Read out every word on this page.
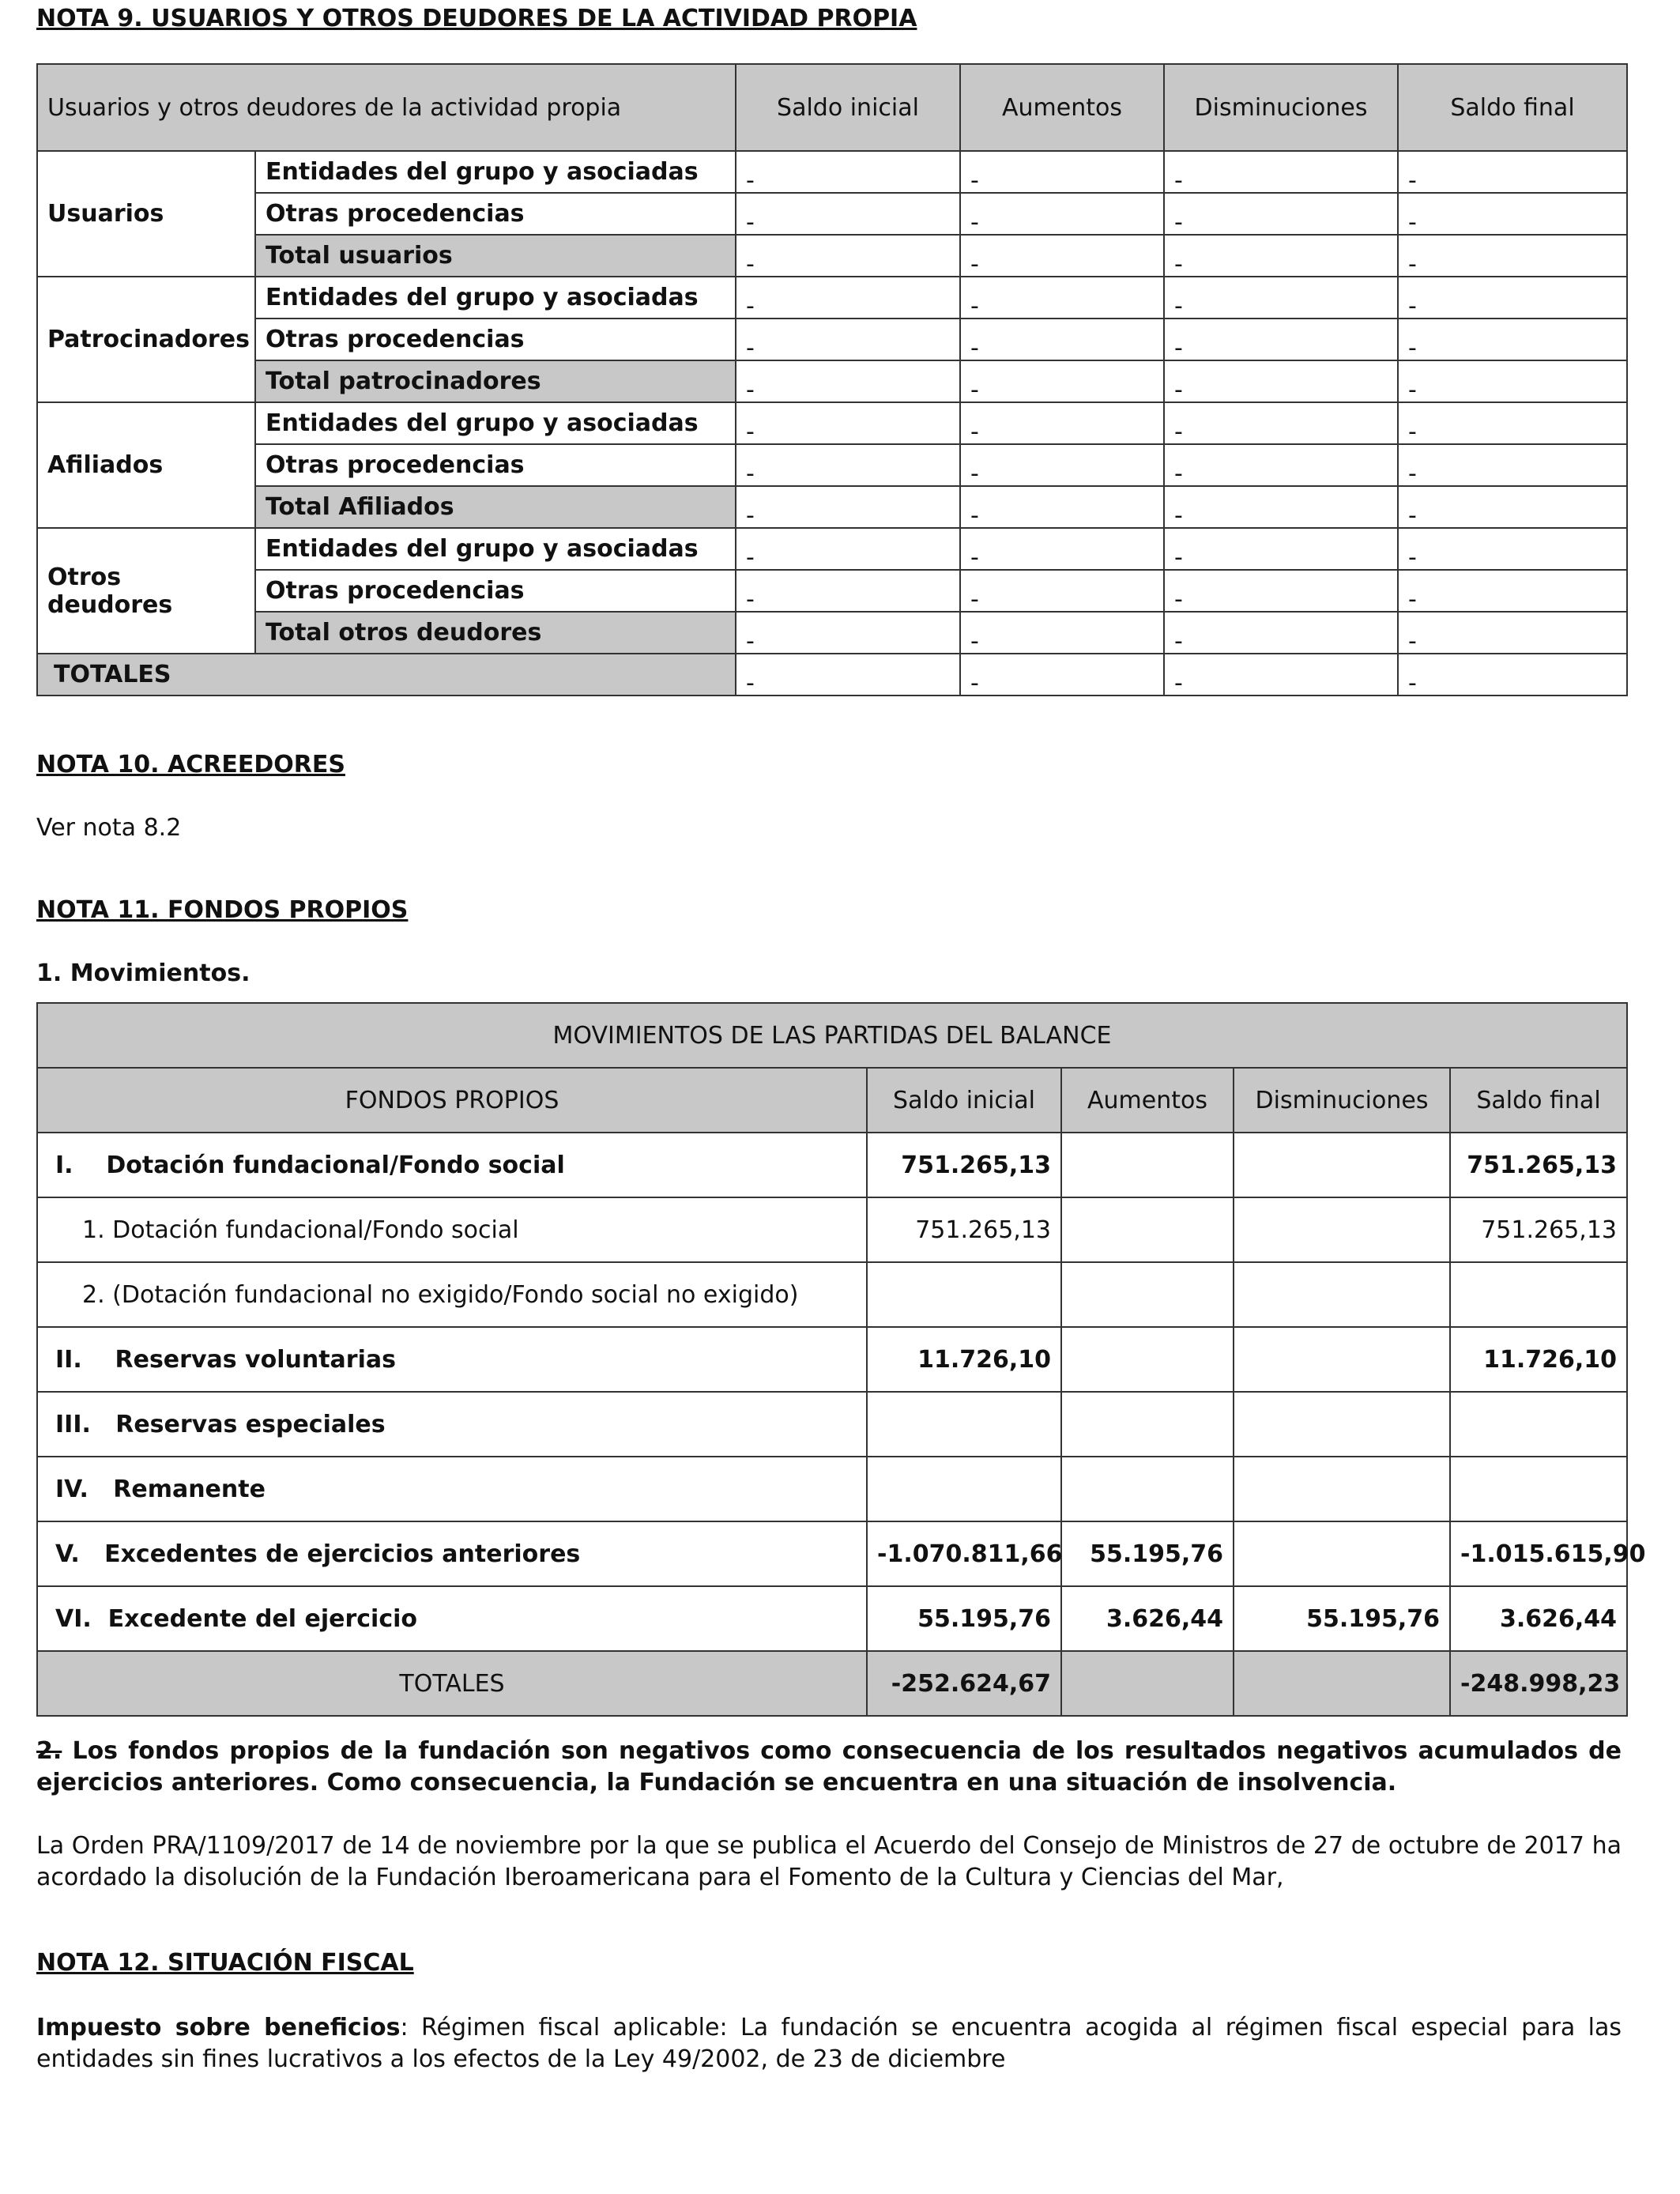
NOTA 9. USUARIOS Y OTROS DEUDORES DE LA ACTIVIDAD PROPIA
Usuarios y otros deudores de la actividad propia		Saldo inicial	Aumentos	Disminuciones	Saldo final
Usuarios	Entidades del grupo y asociadas	-	-	-	-
	Otras procedencias	-	-	-	-
	Total usuarios	-	-	-	-
Patrocinadores	Entidades del grupo y asociadas	-	-	-	-
	Otras procedencias	-	-	-	-
	Total patrocinadores	-	-	-	-
Afiliados	Entidades del grupo y asociadas	-	-	-	-
	Otras procedencias	-	-	-	-
	Total Afiliados	-	-	-	-
Otros deudores	Entidades del grupo y asociadas	-	-	-	-
	Otras procedencias	-	-	-	-
	Total otros deudores	-	-	-	-
TOTALES		-	-	-	-
NOTA 10. ACREEDORES
Ver nota 8.2
NOTA 11. FONDOS PROPIOS
1. Movimientos.
MOVIMIENTOS DE LAS PARTIDAS DEL BALANCE				
FONDOS PROPIOS	Saldo inicial	Aumentos	Disminuciones	Saldo final
I.    Dotación fundacional/Fondo social	751.265,13			751.265,13
1. Dotación fundacional/Fondo social	751.265,13			751.265,13
2. (Dotación fundacional no exigido/Fondo social no exigido)				
II.    Reservas voluntarias	11.726,10			11.726,10
III.   Reservas especiales				
IV.   Remanente				
V.   Excedentes de ejercicios anteriores	-1.070.811,66	55.195,76		-1.015.615,90
VI.  Excedente del ejercicio	55.195,76	3.626,44	55.195,76	3.626,44
TOTALES	-252.624,67			-248.998,23
2. Los fondos propios de la fundación son negativos como consecuencia de los resultados negativos acumulados de ejercicios anteriores. Como consecuencia, la Fundación se encuentra en una situación de insolvencia.
La Orden PRA/1109/2017 de 14 de noviembre por la que se publica el Acuerdo del Consejo de Ministros de 27 de octubre de 2017 ha acordado la disolución de la Fundación Iberoamericana para el Fomento de la Cultura y Ciencias del Mar,
NOTA 12. SITUACIÓN FISCAL
Impuesto sobre beneficios: Régimen fiscal aplicable: La fundación se encuentra acogida al régimen fiscal especial para las entidades sin fines lucrativos a los efectos de la Ley 49/2002, de 23 de diciembre
